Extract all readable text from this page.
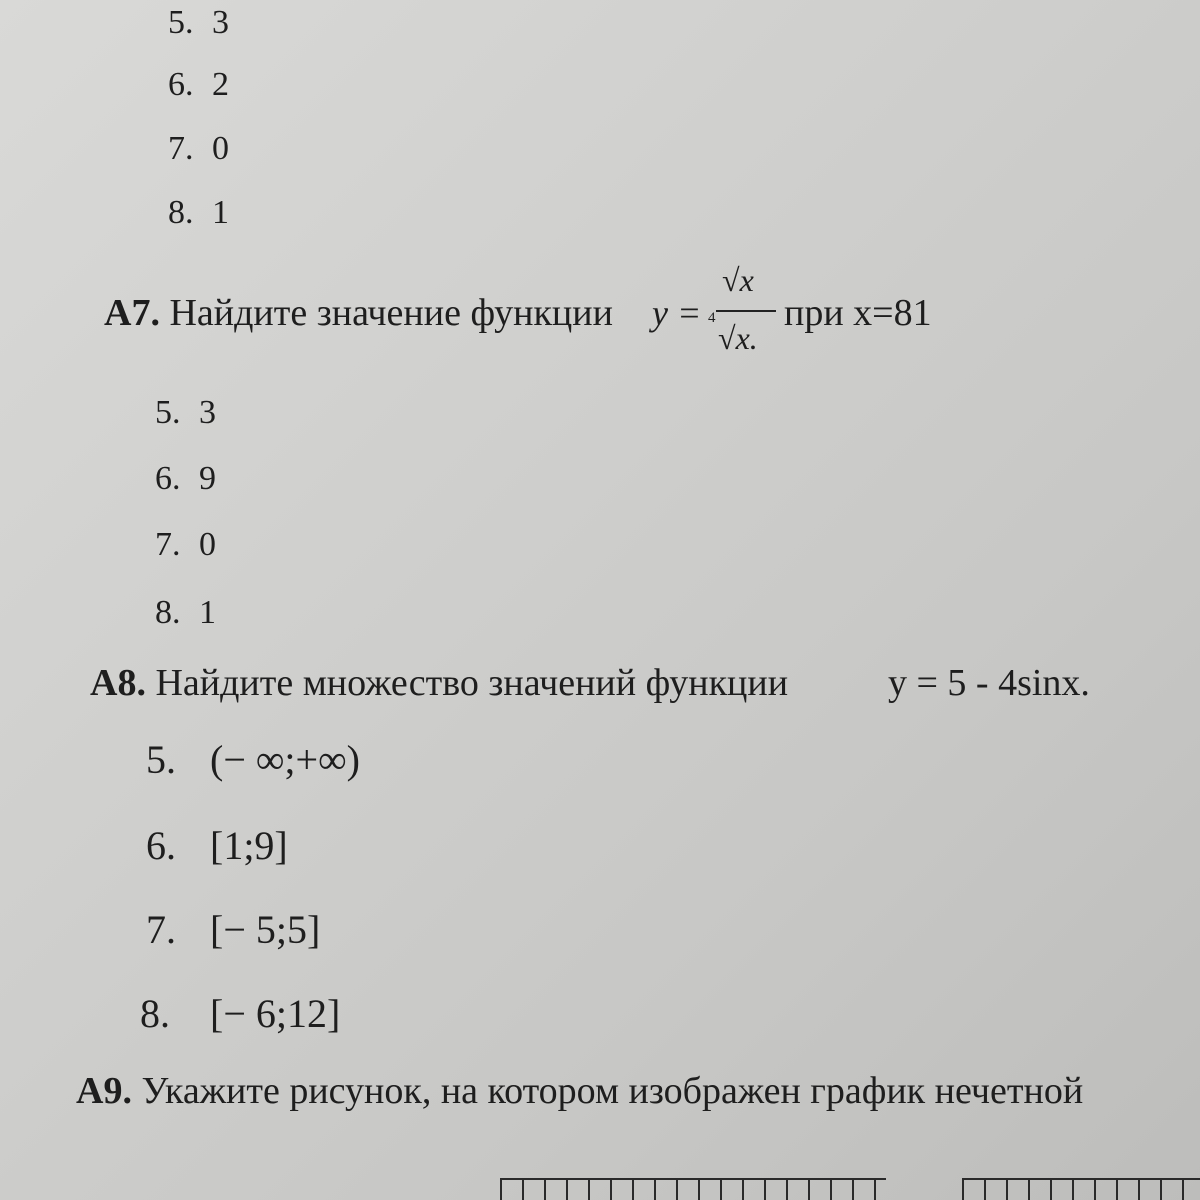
5. 3
6. 2
7. 0
8. 1
А7. Найдите значение функции y =
√x
4
√x.
при x=81
5. 3
6. 9
7. 0
8. 1
А8. Найдите множество значений функции	y = 5 - 4sinx.
5. (− ∞;+∞)
6. [1;9]
7. [− 5;5]
8. [− 6;12]
А9. Укажите рисунок, на котором изображен график нечетной
